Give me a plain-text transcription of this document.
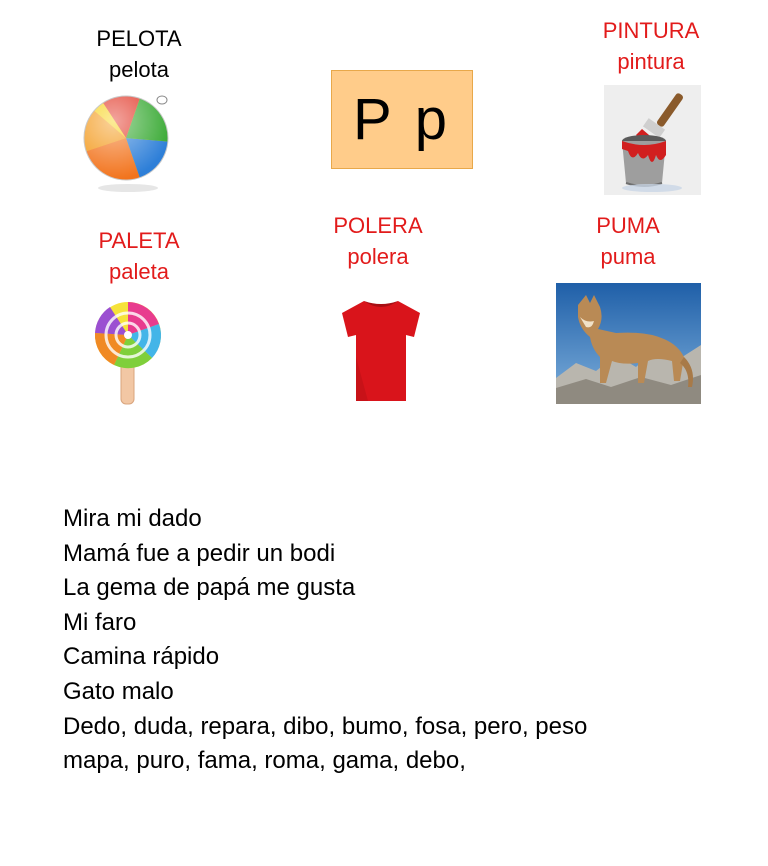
PELOTA
pelota
P p
PINTURA
pintura
PALETA
paleta
POLERA
polera
PUMA
puma
Mira mi dado
Mamá fue a pedir un bodi
La gema de papá me gusta
Mi faro
Camina rápido
Gato malo
Dedo, duda, repara, dibo, bumo, fosa, pero, peso
mapa, puro, fama, roma, gama, debo,
